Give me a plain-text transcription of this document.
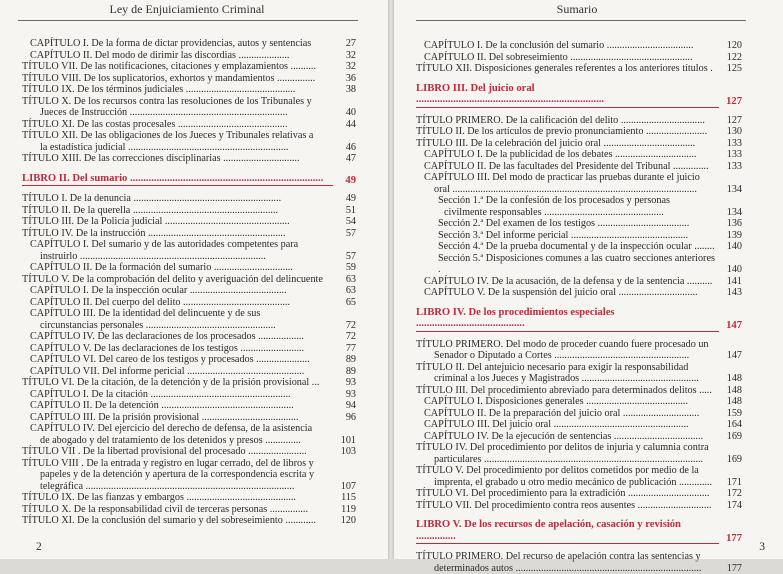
Ley de Enjuiciamiento Criminal
CAPÍTULO I. De la forma de dictar providencias, autos y sentencias	27
CAPÍTULO II. Del modo de dirimir las discordias ....................	32
TÍTULO VII. De las notificaciones, citaciones y emplazamientos ..........	32
TÍTULO VIII. De los suplicatorios, exhortos y mandamientos ...............	36
TÍTULO IX. De los términos judiciales ...........................................	38
TÍTULO X. De los recursos contra las resoluciones de los Tribunales y
Jueces de Instrucción ..............................................................	40
TÍTULO XI. De las costas procesales ...........................................	44
TÍTULO XII. De las obligaciones de los Jueces y Tribunales relativas a
la estadística judicial ...............................................................	46
TÍTULO XIII. De las correcciones disciplinarias ..............................	47
LIBRO II. Del sumario .........................................................................	49
TÍTULO I. De la denuncia ..........................................................	49
TÍTULO II. De la querella .........................................................	51
TÍTULO III. De la Policía judicial .................................................	54
TÍTULO IV. De la instrucción ......................................................	57
CAPÍTULO I. Del sumario y de las autoridades competentes para
instruirlo .........................................................................	57
CAPÍTULO II. De la formación del sumario ...............................	59
TÍTULO V. De la comprobación del delito y averiguación del delincuente	63
CAPÍTULO I. De la inspección ocular ......................................	63
CAPÍTULO II. Del cuerpo del delito ..........................................	65
CAPÍTULO III. De la identidad del delincuente y de sus
circunstancias personales ...................................................	72
CAPÍTULO IV. De las declaraciones de los procesados ..................	72
CAPÍTULO V. De las declaraciones de los testigos .........................	77
CAPÍTULO VI. Del careo de los testigos y procesados .....................	89
CAPÍTULO VII. Del informe pericial ..............................................	89
TÍTULO VI. De la citación, de la detención y de la prisión provisional ...	93
CAPÍTULO I. De la citación .......................................................	93
CAPÍTULO II. De la detención ....................................................	94
CAPÍTULO III. De la prisión provisional ......................................	96
CAPÍTULO IV. Del ejercicio del derecho de defensa, de la asistencia
de abogado y del tratamiento de los detenidos y presos ..............	101
TÍTULO VII . De la libertad provisional del procesado .......................	103
TÍTULO VIII . De la entrada y registro en lugar cerrado, del de libros y
papeles y de la detención y apertura de la correspondencia escrita y
telegráfica ..................................................................................	107
TÍTULO IX. De las fianzas y embargos ...........................................	115
TÍTULO X. De la responsabilidad civil de terceras personas ...............	119
TÍTULO XI. De la conclusión del sumario y del sobreseimiento ............	120
2
Sumario
CAPÍTULO I. De la conclusión del sumario ..................................	120
CAPÍTULO II. Del sobreseimiento ................................................	122
TÍTULO XII. Disposiciones generales referentes a los anteriores títulos .	125
LIBRO III. Del juicio oral .......................................................................	127
TÍTULO PRIMERO. De la calificación del delito .................................	127
TÍTULO II. De los artículos de previo pronunciamiento ........................	130
TÍTULO III. De la celebración del juicio oral ....................................	133
CAPÍTULO I. De la publicidad de los debates ................................	133
CAPÍTULO II. De las facultades del Presidente del Tribunal ..............	133
CAPÍTULO III. Del modo de practicar las pruebas durante el juicio
oral ................................................................................................	134
Sección 1.ª De la confesión de los procesados y personas
civilmente responsables ...............................................	134
Sección 2.ª Del examen de los testigos ....................................	136
Sección 3.ª Del informe pericial ..............................................	139
Sección 4.ª De la prueba documental y de la inspección ocular ........	140
Sección 5.ª Disposiciones comunes a las cuatro secciones anteriores .	140
CAPÍTULO IV. De la acusación, de la defensa y de la sentencia ..........	141
CAPÍTULO V. De la suspensión del juicio oral ...............................	143
LIBRO IV. De los procedimientos especiales .........................................	147
TÍTULO PRIMERO. Del modo de proceder cuando fuere procesado un
Senador o Diputado a Cortes .....................................................	147
TÍTULO II. Del antejuicio necesario para exigir la responsabilidad
criminal a los Jueces y Magistrados ..............................................	148
TÍTULO III. Del procedimiento abreviado para determinados delitos .....	148
CAPÍTULO I. Disposiciones generales ........................................	148
CAPÍTULO II. De la preparación del juicio oral ..............................	159
CAPÍTULO III. Del juicio oral .....................................................	164
CAPÍTULO IV. De la ejecución de sentencias ...................................	169
TÍTULO IV. Del procedimiento por delitos de injuria y calumnia contra
particulares ......................................................................................	169
TÍTULO V. Del procedimiento por delitos cometidos por medio de la
imprenta, el grabado u otro medio mecánico de publicación .............	171
TÍTULO VI. Del procedimiento para la extradición ................................	172
TÍTULO VII. Del procedimiento contra reos ausentes .............................	174
LIBRO V. De los recursos de apelación, casación y revisión ...............	177
TÍTULO PRIMERO. Del recurso de apelación contra las sentencias y
determinados autos .........................................................................	177
3
